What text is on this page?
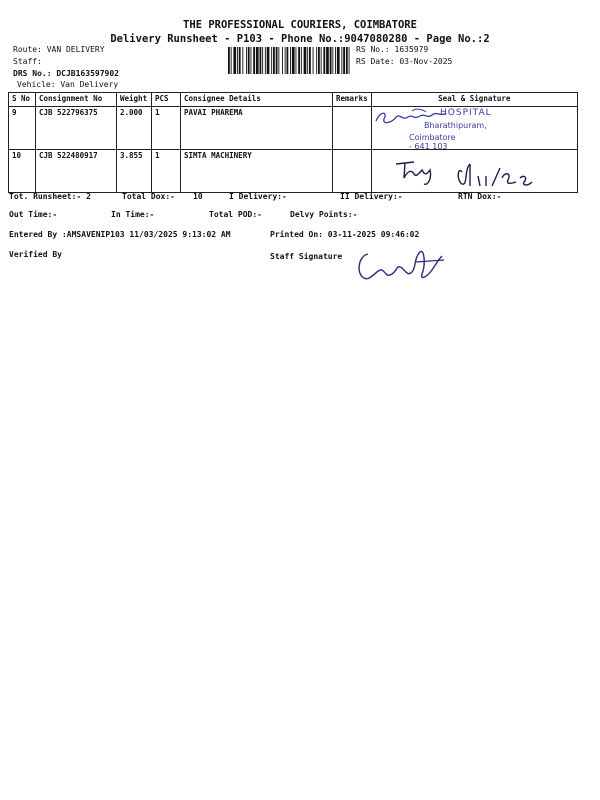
THE PROFESSIONAL COURIERS, COIMBATORE
Delivery Runsheet - P103 - Phone No.:9047080280 - Page No.:2
Route: VAN DELIVERY
Staff:
DRS No.: DCJB163597902
Vehicle: Van Delivery
RS No.: 1635979
RS Date: 03-Nov-2025
S No	Consignment No	Weight	PCS	Consignee Details	Remarks	Seal & Signature
9	CJB 522796375	2.000	1	PAVAI PHAREMA		
10	CJB 522480917	3.855	1	SIMTA MACHINERY		
HOSPITAL
Bharathipuram,
Coimbatore - 641 103
Tot. Runsheet:- 2	Total Dox:- 10	I Delivery:-	II Delivery:-	RTN Dox:-
Out Time:-	In Time:-	Total POD:-	Delvy Points:-
Entered By :AMSAVENIP103 11/03/2025 9:13:02 AM	Printed On: 03-11-2025 09:46:02
Verified By	Staff Signature
